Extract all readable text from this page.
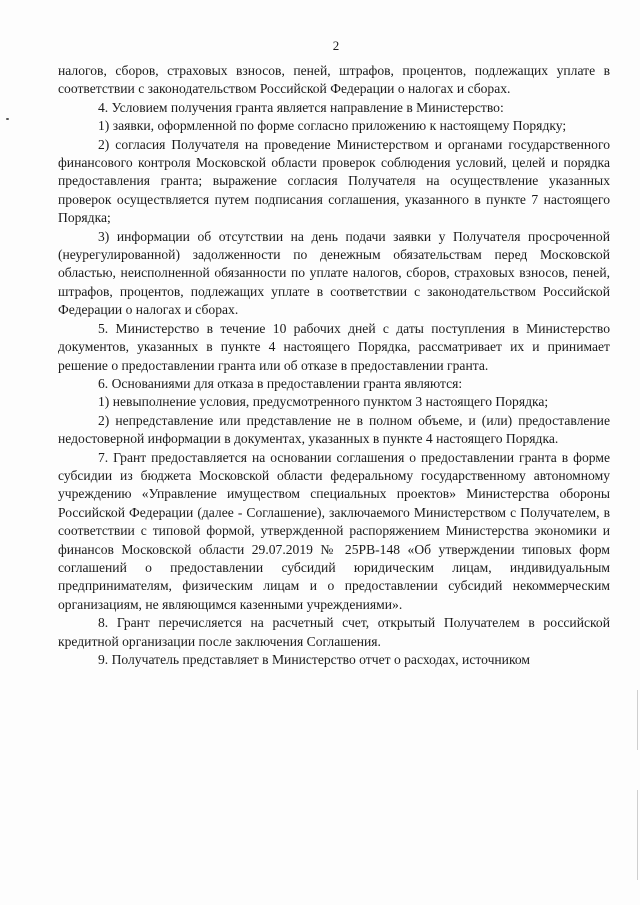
2

налогов, сборов, страховых взносов, пеней, штрафов, процентов, подлежащих уплате в соответствии с законодательством Российской Федерации о налогах и сборах.

4. Условием получения гранта является направление в Министерство:

1) заявки, оформленной по форме согласно приложению к настоящему Порядку;

2) согласия Получателя на проведение Министерством и органами государственного финансового контроля Московской области проверок соблюдения условий, целей и порядка предоставления гранта; выражение согласия Получателя на осуществление указанных проверок осуществляется путем подписания соглашения, указанного в пункте 7 настоящего Порядка;

3) информации об отсутствии на день подачи заявки у Получателя просроченной (неурегулированной) задолженности по денежным обязательствам перед Московской областью, неисполненной обязанности по уплате налогов, сборов, страховых взносов, пеней, штрафов, процентов, подлежащих уплате в соответствии с законодательством Российской Федерации о налогах и сборах.

5. Министерство в течение 10 рабочих дней с даты поступления в Министерство документов, указанных в пункте 4 настоящего Порядка, рассматривает их и принимает решение о предоставлении гранта или об отказе в предоставлении гранта.

6. Основаниями для отказа в предоставлении гранта являются:

1) невыполнение условия, предусмотренного пунктом 3 настоящего Порядка;

2) непредставление или представление не в полном объеме, и (или) предоставление недостоверной информации в документах, указанных в пункте 4 настоящего Порядка.

7. Грант предоставляется на основании соглашения о предоставлении гранта в форме субсидии из бюджета Московской области федеральному государственному автономному учреждению «Управление имуществом специальных проектов» Министерства обороны Российской Федерации (далее - Соглашение), заключаемого Министерством с Получателем, в соответствии с типовой формой, утвержденной распоряжением Министерства экономики и финансов Московской области 29.07.2019 № 25РВ-148 «Об утверждении типовых форм соглашений о предоставлении субсидий юридическим лицам, индивидуальным предпринимателям, физическим лицам и о предоставлении субсидий некоммерческим организациям, не являющимся казенными учреждениями».

8. Грант перечисляется на расчетный счет, открытый Получателем в российской кредитной организации после заключения Соглашения.

9. Получатель представляет в Министерство отчет о расходах, источником
